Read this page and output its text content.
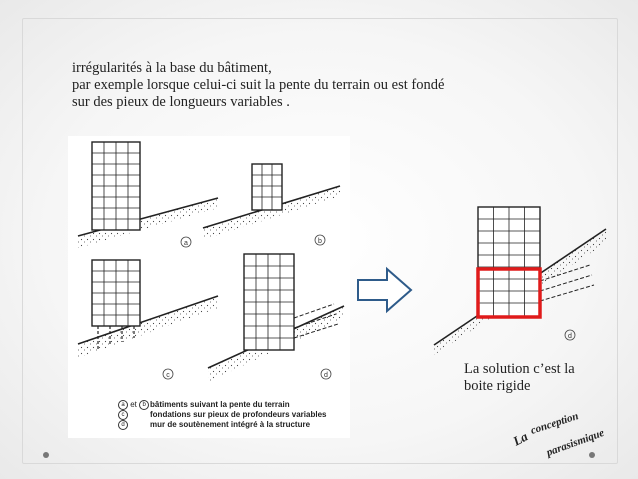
irrégularités à la base du bâtiment,
par exemple lorsque celui-ci suit la pente du terrain ou est fondé
sur des pieux de longueurs variables .
a	b
c	d
a et b bâtiments suivant la pente du terrain
c	fondations sur pieux de profondeurs variables
d	mur de soutènement intégré à la structure
d
La solution c’est la
boite rigide
La
conception
parasismique
